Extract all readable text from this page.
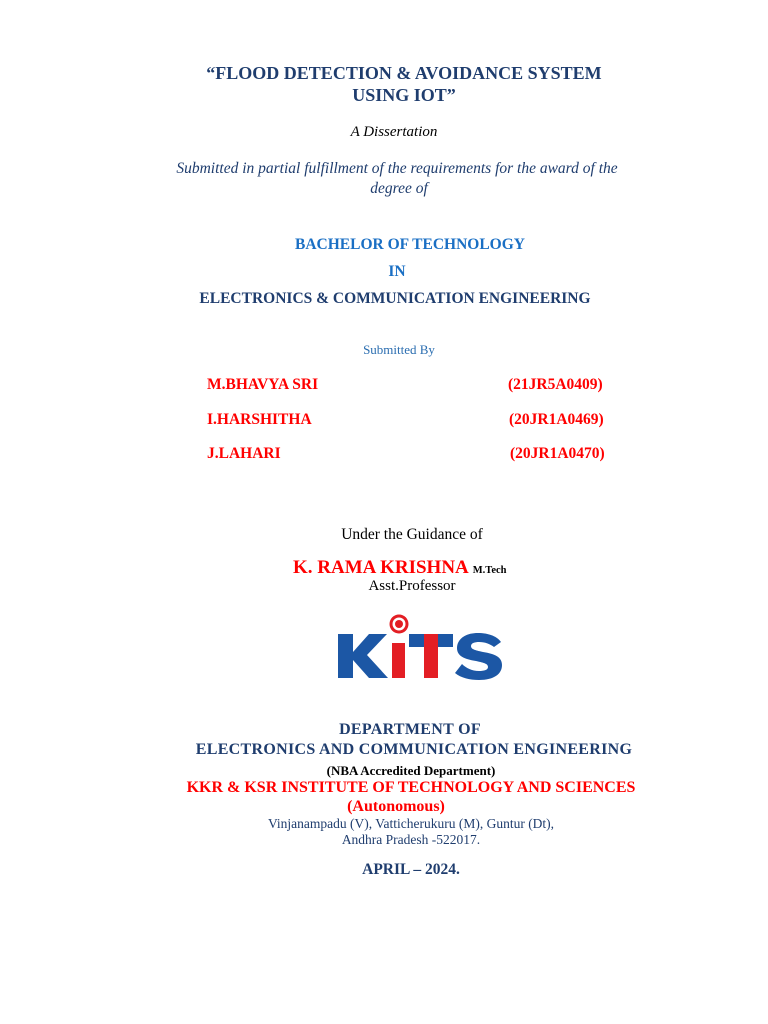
“FLOOD DETECTION & AVOIDANCE SYSTEM
USING IOT”
A Dissertation
Submitted in partial fulfillment of the requirements for the award of the
degree of
BACHELOR OF TECHNOLOGY
IN
ELECTRONICS & COMMUNICATION ENGINEERING
Submitted By
M.BHAVYA SRI	(21JR5A0409)
I.HARSHITHA	(20JR1A0469)
J.LAHARI	(20JR1A0470)
Under the Guidance of
K. RAMA KRISHNA M.Tech
Asst.Professor
DEPARTMENT OF
ELECTRONICS AND COMMUNICATION ENGINEERING
(NBA Accredited Department)
KKR & KSR INSTITUTE OF TECHNOLOGY AND SCIENCES
(Autonomous)
Vinjanampadu (V), Vatticherukuru (M), Guntur (Dt),
Andhra Pradesh -522017.
APRIL – 2024.
